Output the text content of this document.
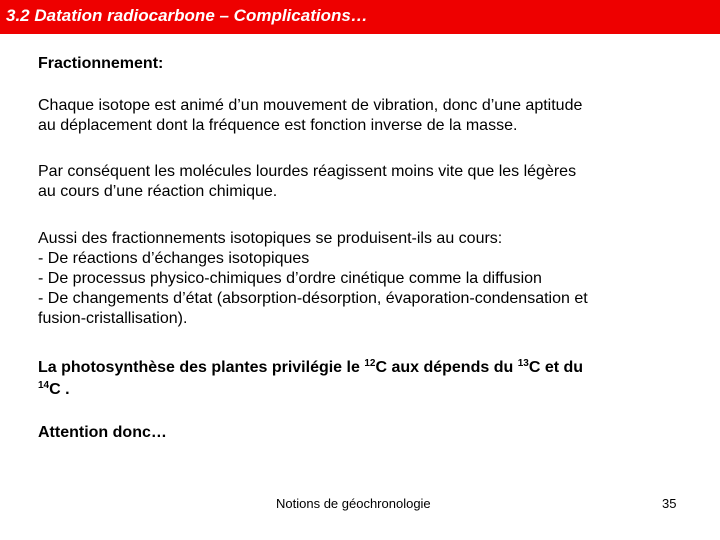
3.2 Datation radiocarbone – Complications…

Fractionnement:

Chaque isotope est animé d’un mouvement de vibration, donc d’une aptitude
au déplacement dont la fréquence est fonction inverse de la masse.

Par conséquent les molécules lourdes réagissent moins vite que les légères
au cours d’une réaction chimique.

Aussi des fractionnements isotopiques se produisent-ils au cours:
- De réactions d’échanges isotopiques
- De processus physico-chimiques d’ordre cinétique comme la diffusion
- De changements d’état (absorption-désorption, évaporation-condensation et
fusion-cristallisation).

La photosynthèse des plantes privilégie le $^{12}$C aux dépends du $^{13}$C et du
$^{14}$C .

Attention donc…

Notions de géochronologie	35
